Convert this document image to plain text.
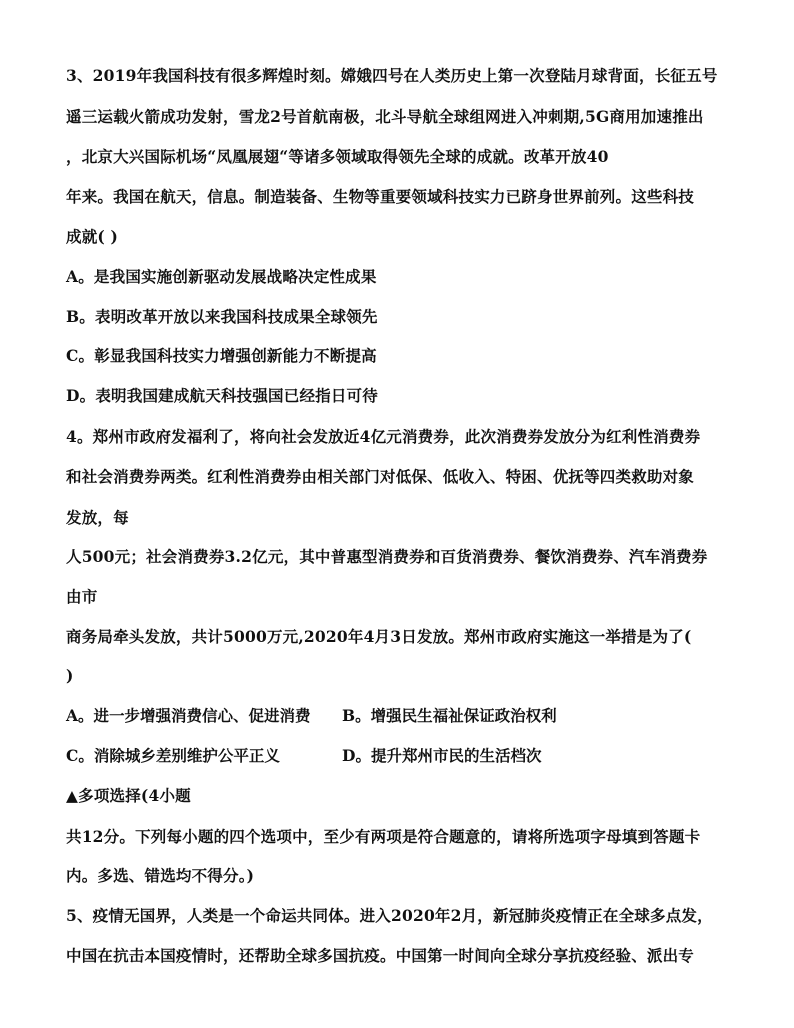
3、2019年我国科技有很多辉煌时刻。嫦娥四号在人类历史上第一次登陆月球背面，长征五号
遥三运载火箭成功发射，雪龙2号首航南极，北斗导航全球组网进入冲刺期,5G商用加速推出
，北京大兴国际机场“凤凰展翅“等诸多领域取得领先全球的成就。改革开放40
年来。我国在航天，信息。制造装备、生物等重要领域科技实力已跻身世界前列。这些科技
成就( )
A。是我国实施创新驱动发展战略决定性成果
B。表明改革开放以来我国科技成果全球领先
C。彰显我国科技实力增强创新能力不断提高
D。表明我国建成航天科技强国已经指日可待
4。郑州市政府发福利了，将向社会发放近4亿元消费券，此次消费券发放分为红利性消费券
和社会消费券两类。红利性消费券由相关部门对低保、低收入、特困、优抚等四类救助对象
发放，每
人500元；社会消费券3.2亿元，其中普惠型消费券和百货消费券、餐饮消费券、汽车消费券
由市
商务局牵头发放，共计5000万元,2020年4月3日发放。郑州市政府实施这一举措是为了(
)
A。进一步增强消费信心、促进消费 B。增强民生福祉保证政治权利
C。消除城乡差别维护公平正义	D。提升郑州市民的生活档次
▲多项选择(4小题
共12分。下列每小题的四个选项中，至少有两项是符合题意的，请将所选项字母填到答题卡
内。多选、错选均不得分。)
5、疫情无国界，人类是一个命运共同体。进入2020年2月，新冠肺炎疫情正在全球多点发，
中国在抗击本国疫情时，还帮助全球多国抗疫。中国第一时间向全球分享抗疫经验、派出专
